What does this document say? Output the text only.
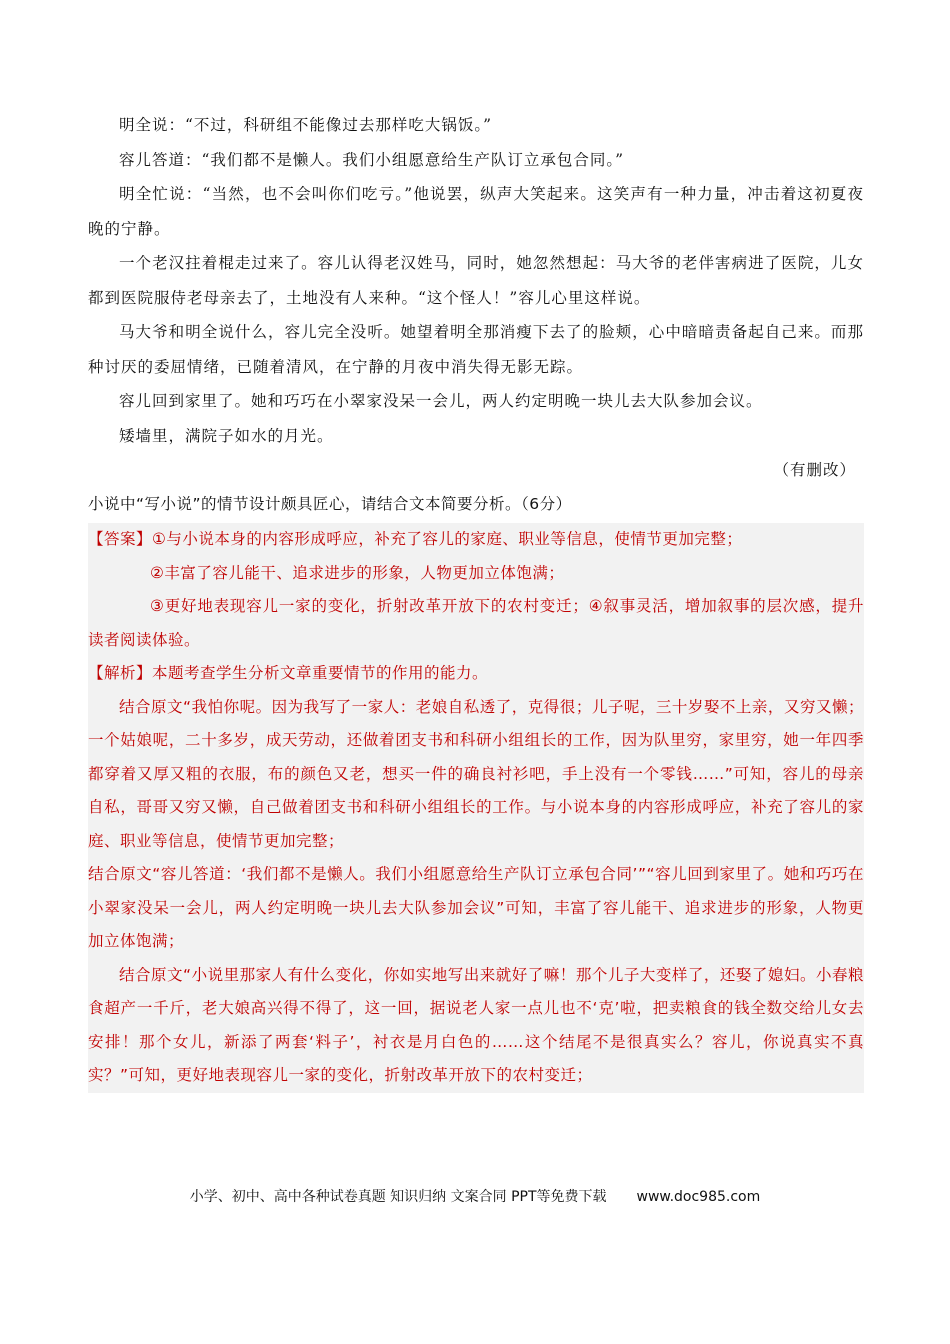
明全说：“不过，科研组不能像过去那样吃大锅饭。”

容儿答道：“我们都不是懒人。我们小组愿意给生产队订立承包合同。”

明全忙说：“当然，也不会叫你们吃亏。”他说罢，纵声大笑起来。这笑声有一种力量，冲击着这初夏夜晚的宁静。

一个老汉拄着棍走过来了。容儿认得老汉姓马，同时，她忽然想起：马大爷的老伴害病进了医院，儿女都到医院服侍老母亲去了，土地没有人来种。“这个怪人！”容儿心里这样说。

马大爷和明全说什么，容儿完全没听。她望着明全那消瘦下去了的脸颊，心中暗暗责备起自己来。而那种讨厌的委屈情绪，已随着清风，在宁静的月夜中消失得无影无踪。

容儿回到家里了。她和巧巧在小翠家没呆一会儿，两人约定明晚一块儿去大队参加会议。

矮墙里，满院子如水的月光。

（有删改）

小说中“写小说”的情节设计颇具匠心，请结合文本简要分析。（6分）

【答案】①与小说本身的内容形成呼应，补充了容儿的家庭、职业等信息，使情节更加完整；

②丰富了容儿能干、追求进步的形象，人物更加立体饱满；

③更好地表现容儿一家的变化，折射改革开放下的农村变迁；④叙事灵活，增加叙事的层次感，提升读者阅读体验。

【解析】本题考查学生分析文章重要情节的作用的能力。

结合原文“我怕你呢。因为我写了一家人：老娘自私透了，克得很；儿子呢，三十岁娶不上亲，又穷又懒；一个姑娘呢，二十多岁，成天劳动，还做着团支书和科研小组组长的工作，因为队里穷，家里穷，她一年四季都穿着又厚又粗的衣服，布的颜色又老，想买一件的确良衬衫吧，手上没有一个零钱……”可知，容儿的母亲自私，哥哥又穷又懒，自己做着团支书和科研小组组长的工作。与小说本身的内容形成呼应，补充了容儿的家庭、职业等信息，使情节更加完整；

结合原文“容儿答道：‘我们都不是懒人。我们小组愿意给生产队订立承包合同’”“容儿回到家里了。她和巧巧在小翠家没呆一会儿，两人约定明晚一块儿去大队参加会议”可知，丰富了容儿能干、追求进步的形象，人物更加立体饱满；

结合原文“小说里那家人有什么变化，你如实地写出来就好了嘛！那个儿子大变样了，还娶了媳妇。小春粮食超产一千斤，老大娘高兴得不得了，这一回，据说老人家一点儿也不‘克’啦，把卖粮食的钱全数交给儿女去安排！那个女儿，新添了两套‘料子’，衬衣是月白色的……这个结尾不是很真实么？容儿，你说真实不真实？”可知，更好地表现容儿一家的变化，折射改革开放下的农村变迁；

小学、初中、高中各种试卷真题 知识归纳 文案合同 PPT等免费下载 www.doc985.com
